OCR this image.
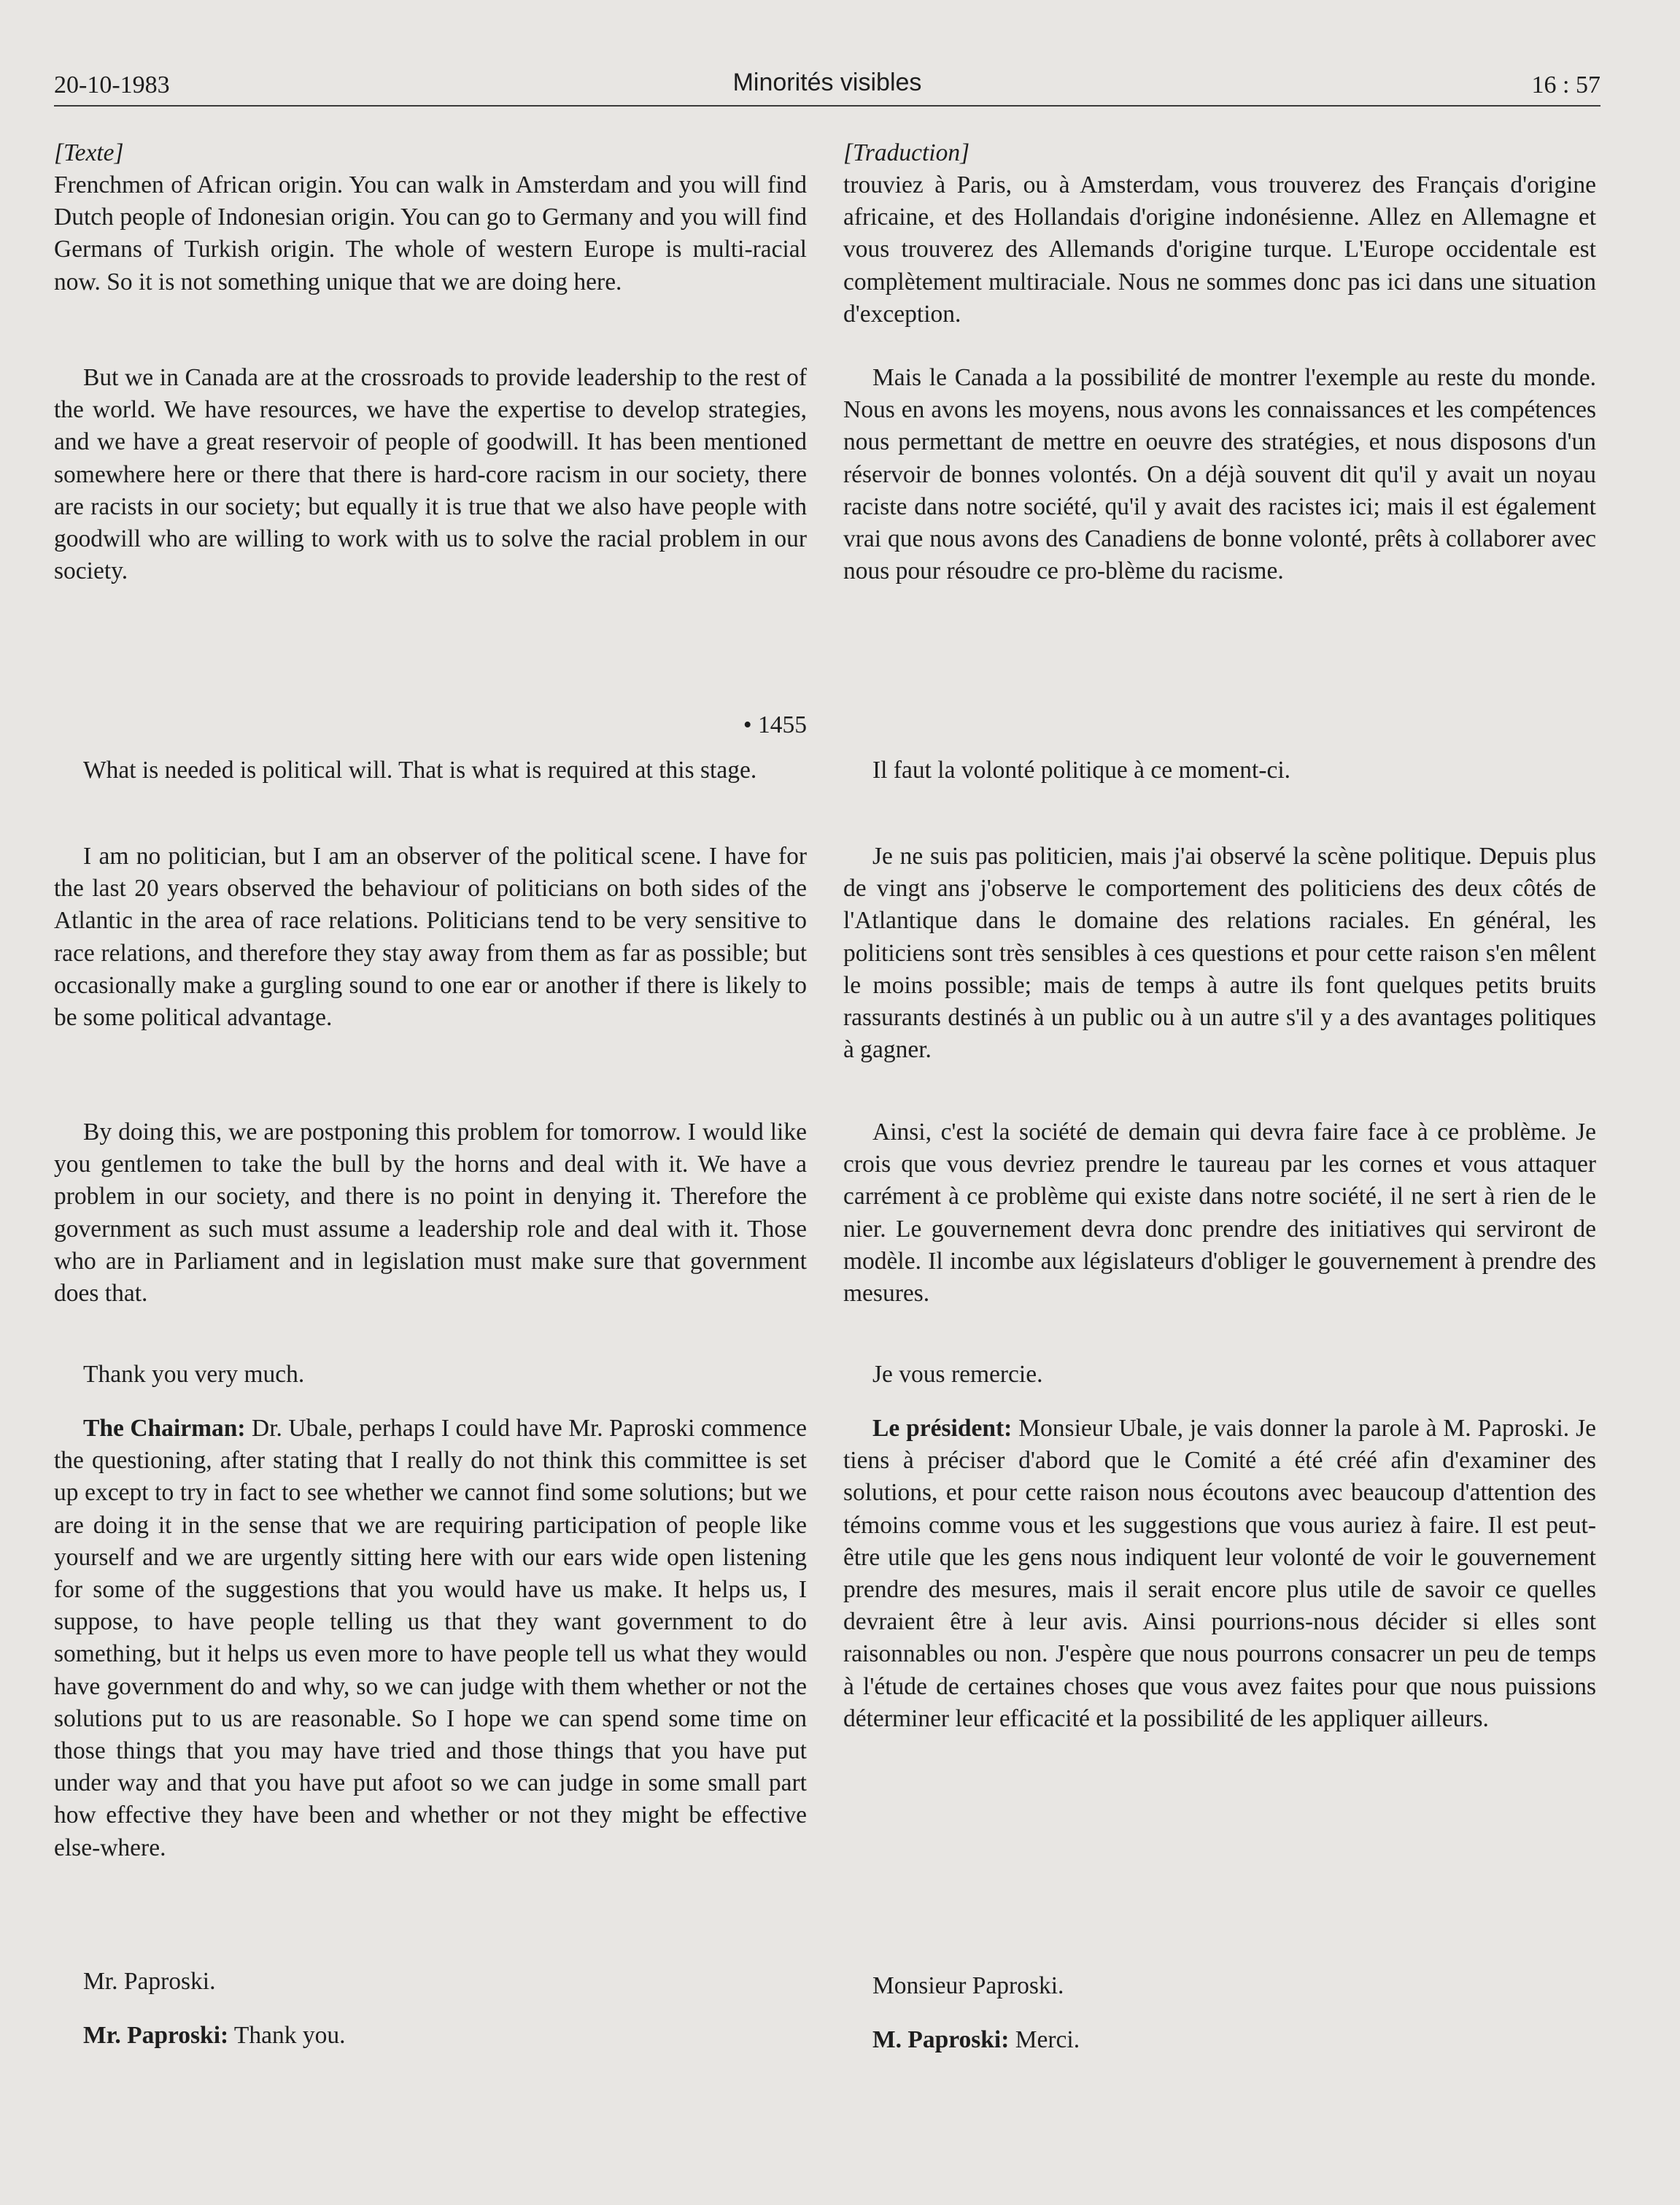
20-10-1983	Minorités visibles	16 : 57

[Texte]

Frenchmen of African origin. You can walk in Amsterdam and you will find Dutch people of Indonesian origin. You can go to Germany and you will find Germans of Turkish origin. The whole of western Europe is multi-racial now. So it is not something unique that we are doing here.

But we in Canada are at the crossroads to provide leadership to the rest of the world. We have resources, we have the expertise to develop strategies, and we have a great reservoir of people of goodwill. It has been mentioned somewhere here or there that there is hard-core racism in our society, there are racists in our society; but equally it is true that we also have people with goodwill who are willing to work with us to solve the racial problem in our society.

• 1455

What is needed is political will. That is what is required at this stage.

I am no politician, but I am an observer of the political scene. I have for the last 20 years observed the behaviour of politicians on both sides of the Atlantic in the area of race relations. Politicians tend to be very sensitive to race relations, and therefore they stay away from them as far as possible; but occasionally make a gurgling sound to one ear or another if there is likely to be some political advantage.

By doing this, we are postponing this problem for tomorrow. I would like you gentlemen to take the bull by the horns and deal with it. We have a problem in our society, and there is no point in denying it. Therefore the government as such must assume a leadership role and deal with it. Those who are in Parliament and in legislation must make sure that government does that.

Thank you very much.

The Chairman: Dr. Ubale, perhaps I could have Mr. Paproski commence the questioning, after stating that I really do not think this committee is set up except to try in fact to see whether we cannot find some solutions; but we are doing it in the sense that we are requiring participation of people like yourself and we are urgently sitting here with our ears wide open listening for some of the suggestions that you would have us make. It helps us, I suppose, to have people telling us that they want government to do something, but it helps us even more to have people tell us what they would have government do and why, so we can judge with them whether or not the solutions put to us are reasonable. So I hope we can spend some time on those things that you may have tried and those things that you have put under way and that you have put afoot so we can judge in some small part how effective they have been and whether or not they might be effective else-where.

Mr. Paproski.

Mr. Paproski: Thank you.

[Traduction]

trouviez à Paris, ou à Amsterdam, vous trouverez des Français d'origine africaine, et des Hollandais d'origine indonésienne. Allez en Allemagne et vous trouverez des Allemands d'origine turque. L'Europe occidentale est complètement multiraciale. Nous ne sommes donc pas ici dans une situation d'exception.

Mais le Canada a la possibilité de montrer l'exemple au reste du monde. Nous en avons les moyens, nous avons les connaissances et les compétences nous permettant de mettre en oeuvre des stratégies, et nous disposons d'un réservoir de bonnes volontés. On a déjà souvent dit qu'il y avait un noyau raciste dans notre société, qu'il y avait des racistes ici; mais il est également vrai que nous avons des Canadiens de bonne volonté, prêts à collaborer avec nous pour résoudre ce pro-blème du racisme.

Il faut la volonté politique à ce moment-ci.

Je ne suis pas politicien, mais j'ai observé la scène politique. Depuis plus de vingt ans j'observe le comportement des politiciens des deux côtés de l'Atlantique dans le domaine des relations raciales. En général, les politiciens sont très sensibles à ces questions et pour cette raison s'en mêlent le moins possible; mais de temps à autre ils font quelques petits bruits rassurants destinés à un public ou à un autre s'il y a des avantages politiques à gagner.

Ainsi, c'est la société de demain qui devra faire face à ce problème. Je crois que vous devriez prendre le taureau par les cornes et vous attaquer carrément à ce problème qui existe dans notre société, il ne sert à rien de le nier. Le gouvernement devra donc prendre des initiatives qui serviront de modèle. Il incombe aux législateurs d'obliger le gouvernement à prendre des mesures.

Je vous remercie.

Le président: Monsieur Ubale, je vais donner la parole à M. Paproski. Je tiens à préciser d'abord que le Comité a été créé afin d'examiner des solutions, et pour cette raison nous écoutons avec beaucoup d'attention des témoins comme vous et les suggestions que vous auriez à faire. Il est peut-être utile que les gens nous indiquent leur volonté de voir le gouvernement prendre des mesures, mais il serait encore plus utile de savoir ce quelles devraient être à leur avis. Ainsi pourrions-nous décider si elles sont raisonnables ou non. J'espère que nous pourrons consacrer un peu de temps à l'étude de certaines choses que vous avez faites pour que nous puissions déterminer leur efficacité et la possibilité de les appliquer ailleurs.

Monsieur Paproski.

M. Paproski: Merci.
